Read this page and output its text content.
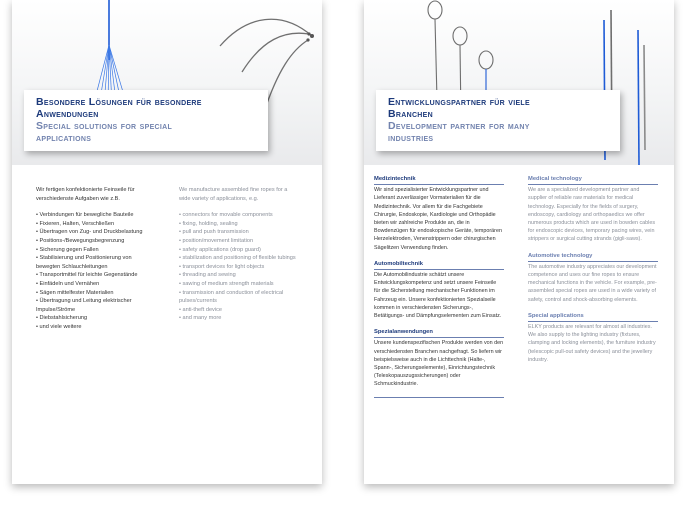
Besondere Lösungen für besondere
Anwendungen
Special solutions for special
applications

Wir fertigen konfektionierte Feinseile für verschiedenste Aufgaben wie z.B.

• Verbindungen für bewegliche Bauteile
• Fixieren, Halten, Verschließen
• Übertragen von Zug- und Druckbelastung
• Positions-/Bewegungsbegrenzung
• Sicherung gegen Fallen
• Stabilisierung und Positionierung von bewegten Schlauchleitungen
• Transportmittel für leichte Gegenstände
• Einfädeln und Vernähen
• Sägen mittelfester Materialien
• Übertragung und Leitung elektrischer Impulse/Ströme
• Diebstahlsicherung
• und viele weitere

We manufacture assembled fine ropes for a wide variety of applications, e.g.

• connectors for movable components
• fixing, holding, sealing
• pull and push transmission
• position/movement limitation
• safety applications (drop guard)
• stabilization and positioning of flexible tubings
• transport devices for light objects
• threading and sewing
• sawing of medium strength materials
• transmission and conduction of electrical pulses/currents
• anti-theft device
• and many more
Entwicklungspartner für viele
Branchen
Development partner for many
industries
Medizintechnik
Wir sind spezialisierter Entwicklungspartner und Lieferant zuverlässiger Vormaterialien für die Medizintechnik. Vor allem für die Fachgebiete Chirurgie, Endoskopie, Kardiologie und Orthopädie bieten wir zahlreiche Produkte an, die in Bowdenzügen für endoskopische Geräte, temporären Herzelektroden, Venenstrippern oder chirurgischen Sägelitzen Verwendung finden.
Automobiltechnik
Die Automobilindustrie schätzt unsere Entwicklungskompetenz und setzt unsere Feinseile für die Sicherstellung mechanischer Funktionen im Fahrzeug ein. Unsere konfektionierten Spezialseile kommen in verschiedensten Sicherungs-, Betätigungs- und Dämpfungselementen zum Einsatz.
Spezialanwendungen
Unsere kundenspezifischen Produkte werden von den verschiedensten Branchen nachgefragt. So liefern wir beispielsweise auch in die Lichttechnik (Halte-, Spann-, Sicherungselemente), Einrichtungstechnik (Teleskopauszugssicherungen) oder Schmuckindustrie.
Medical technology
We are a specialized development partner and supplier of reliable raw materials for medical technology. Especially for the fields of surgery, endoscopy, cardiology and orthopaedics we offer numerous products which are used in bowden cables for endoscopic devices, temporary pacing wires, vein strippers or surgical cutting strands (gigli-saws).
Automotive technology
The automotive industry appreciates our development competence and uses our fine ropes to ensure mechanical functions in the vehicle. For example, pre-assembled special ropes are used in a wide variety of safety, control and shock-absorbing elements.
Special applications
ELKY products are relevant for almost all industries. We also supply to the lighting industry (fixtures, clamping and locking elements), the furniture industry (telescopic pull-out safety devices) and the jewellery industry.
